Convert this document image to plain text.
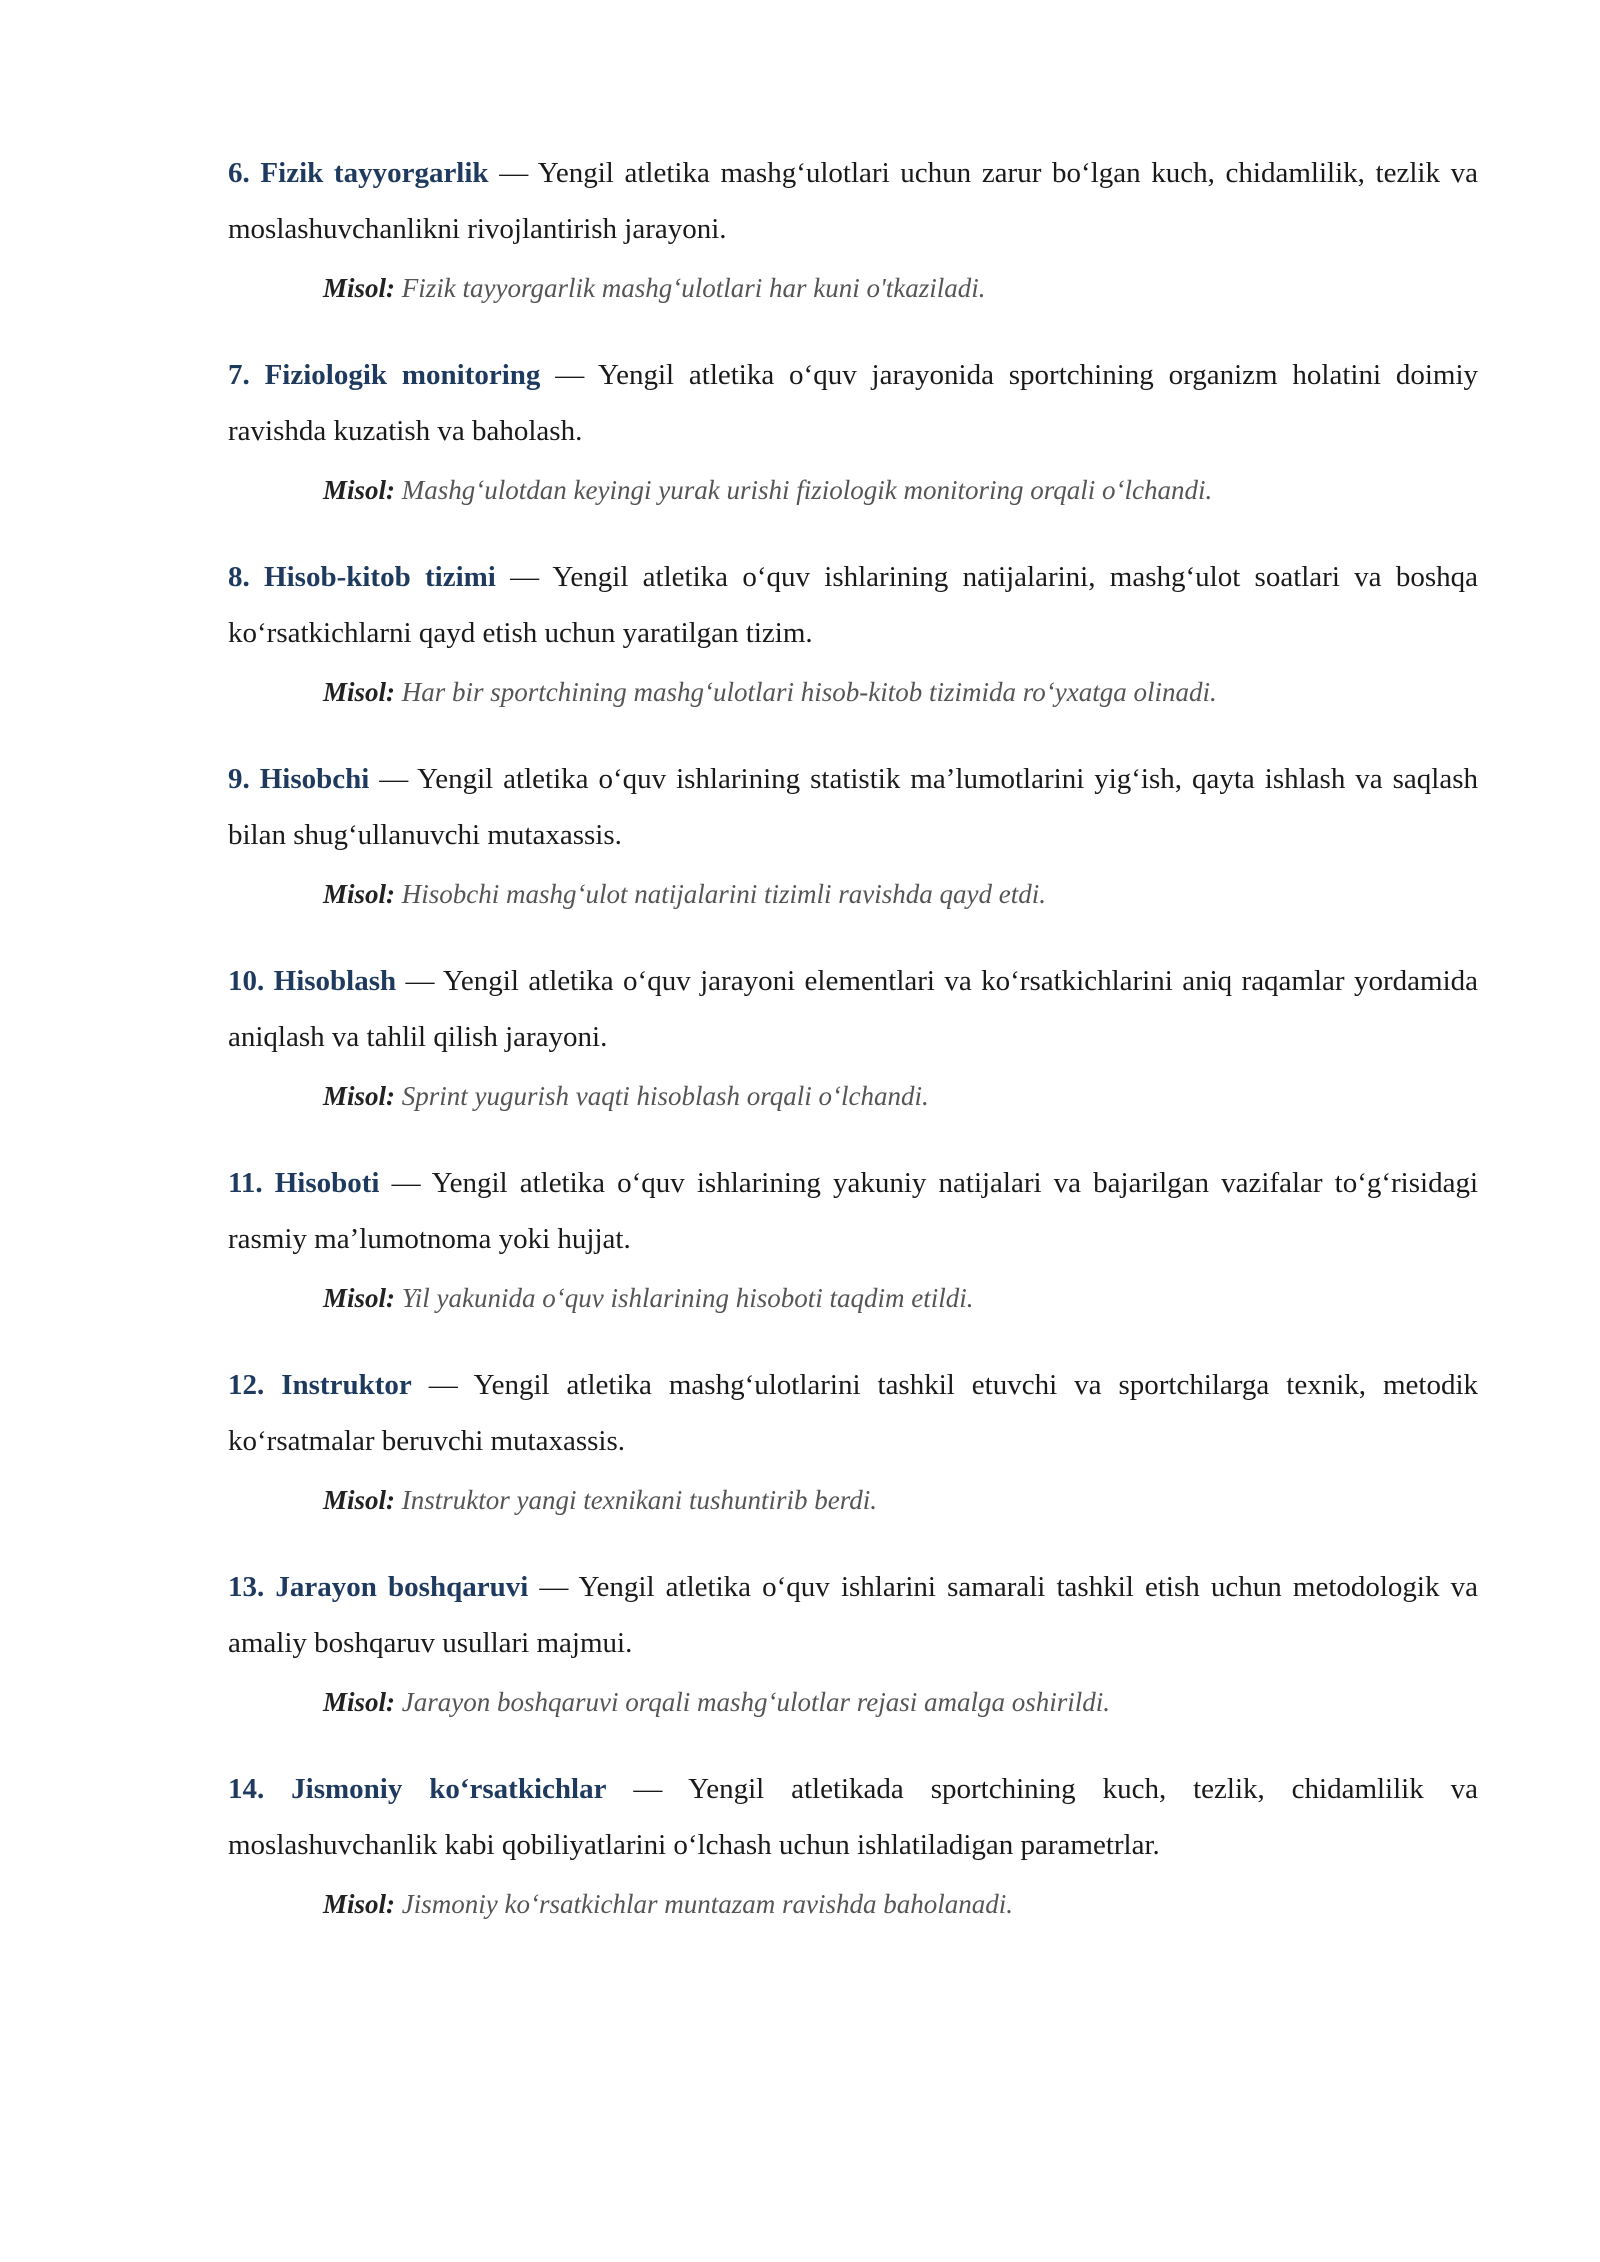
6. Fizik tayyorgarlik — Yengil atletika mashg‘ulotlari uchun zarur bo‘lgan kuch, chidamlilik, tezlik va moslashuvchanlikni rivojlantirish jarayoni.

Misol: Fizik tayyorgarlik mashg‘ulotlari har kuni o'tkaziladi.

7. Fiziologik monitoring — Yengil atletika o‘quv jarayonida sportchining organizm holatini doimiy ravishda kuzatish va baholash.

Misol: Mashg‘ulotdan keyingi yurak urishi fiziologik monitoring orqali o‘lchandi.

8. Hisob-kitob tizimi — Yengil atletika o‘quv ishlarining natijalarini, mashg‘ulot soatlari va boshqa ko‘rsatkichlarni qayd etish uchun yaratilgan tizim.

Misol: Har bir sportchining mashg‘ulotlari hisob-kitob tizimida ro‘yxatga olinadi.

9. Hisobchi — Yengil atletika o‘quv ishlarining statistik ma’lumotlarini yig‘ish, qayta ishlash va saqlash bilan shug‘ullanuvchi mutaxassis.

Misol: Hisobchi mashg‘ulot natijalarini tizimli ravishda qayd etdi.

10. Hisoblash — Yengil atletika o‘quv jarayoni elementlari va ko‘rsatkichlarini aniq raqamlar yordamida aniqlash va tahlil qilish jarayoni.

Misol: Sprint yugurish vaqti hisoblash orqali o‘lchandi.

11. Hisoboti — Yengil atletika o‘quv ishlarining yakuniy natijalari va bajarilgan vazifalar to‘g‘risidagi rasmiy ma’lumotnoma yoki hujjat.

Misol: Yil yakunida o‘quv ishlarining hisoboti taqdim etildi.

12. Instruktor — Yengil atletika mashg‘ulotlarini tashkil etuvchi va sportchilarga texnik, metodik ko‘rsatmalar beruvchi mutaxassis.

Misol: Instruktor yangi texnikani tushuntirib berdi.

13. Jarayon boshqaruvi — Yengil atletika o‘quv ishlarini samarali tashkil etish uchun metodologik va amaliy boshqaruv usullari majmui.

Misol: Jarayon boshqaruvi orqali mashg‘ulotlar rejasi amalga oshirildi.

14. Jismoniy ko‘rsatkichlar — Yengil atletikada sportchining kuch, tezlik, chidamlilik va moslashuvchanlik kabi qobiliyatlarini o‘lchash uchun ishlatiladigan parametrlar.

Misol: Jismoniy ko‘rsatkichlar muntazam ravishda baholanadi.
